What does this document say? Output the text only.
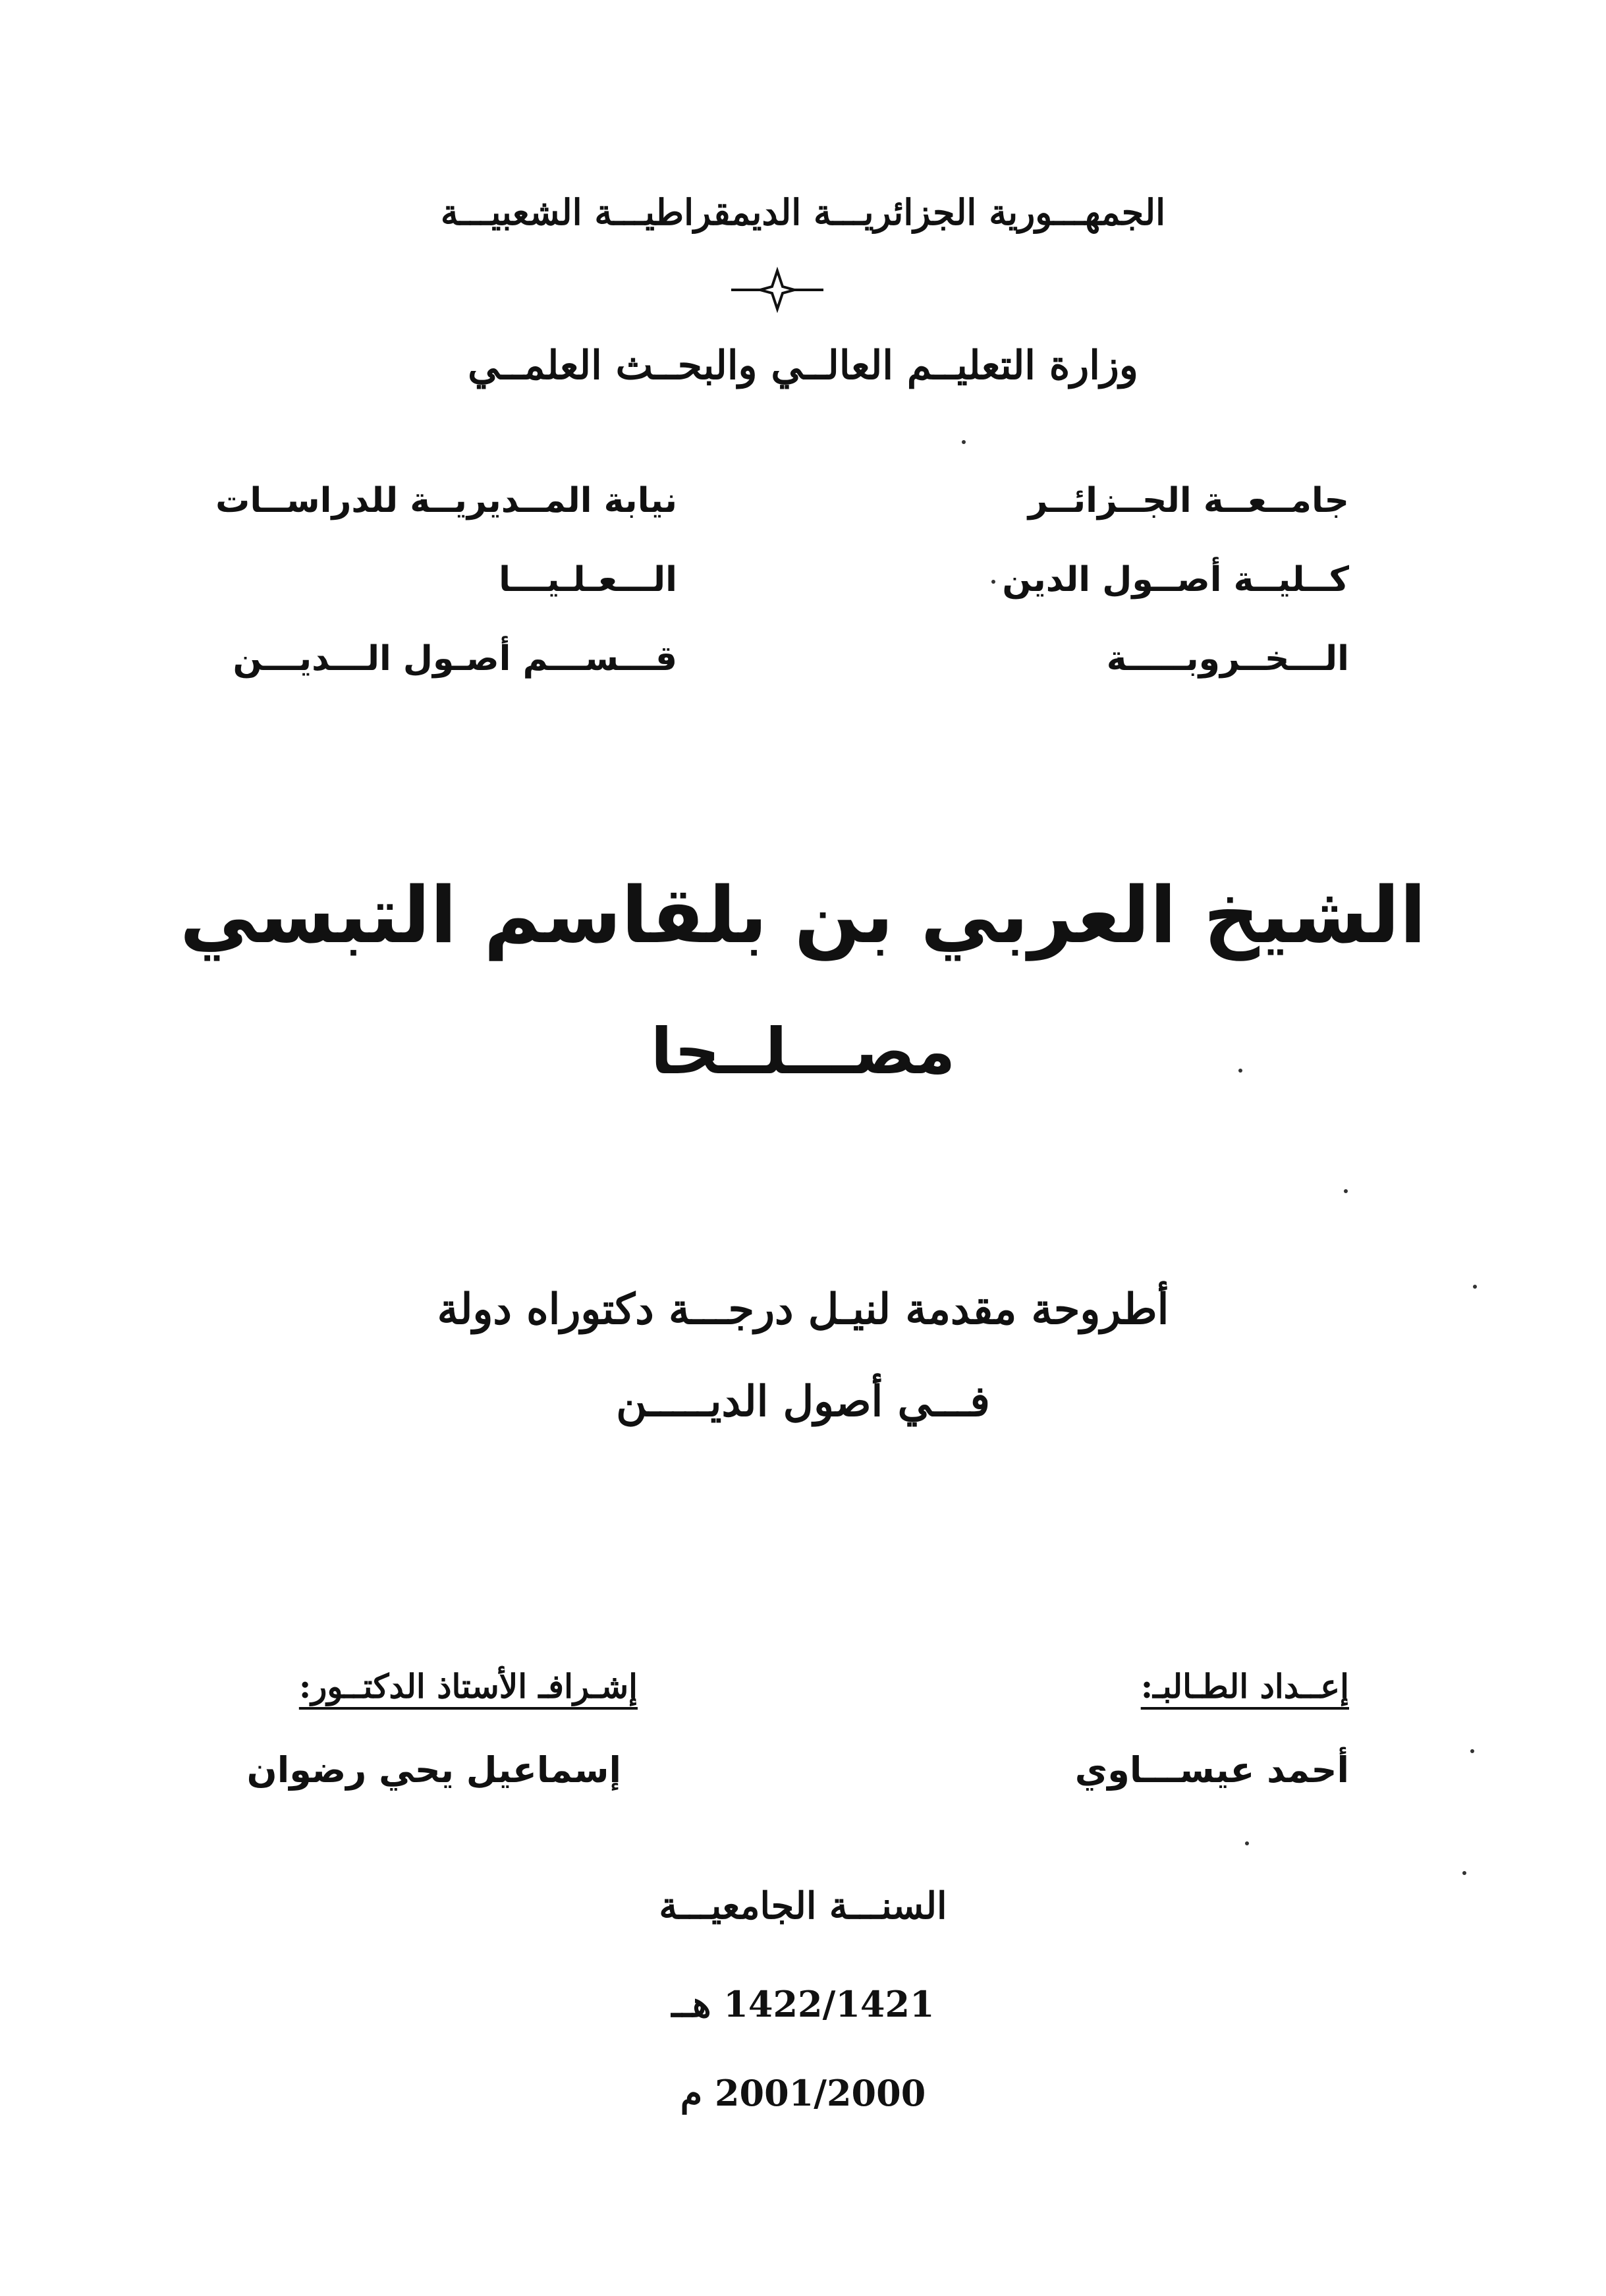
الجمهـــورية الجزائريـــة الديمقراطيـــة الشعبيـــة
وزارة التعليــم العالــي والبحــث العلمــي
جامــعــة الجــزائــر
كــليــة أصــول الدين
الـــخــروبـــــة
نيابة المــديريــة للدراســات
الـــعـلـيـــا
قـــســـم أصـول الـــديـــن
الشيخ العربي بن بلقاسم التبسي
مصـــلــحا
أطروحة مقدمة لنيـل درجـــة دكتوراه دولة
فـــي أصول الديـــــن
إعــداد الطـالبـ:
أحمد عيســـاوي
إشـرافـ الأستاذ الدكتــور:
إسماعيل يحي رضوان
السنـــة الجامعيـــة
1422/1421 هــ
2001/2000 م
